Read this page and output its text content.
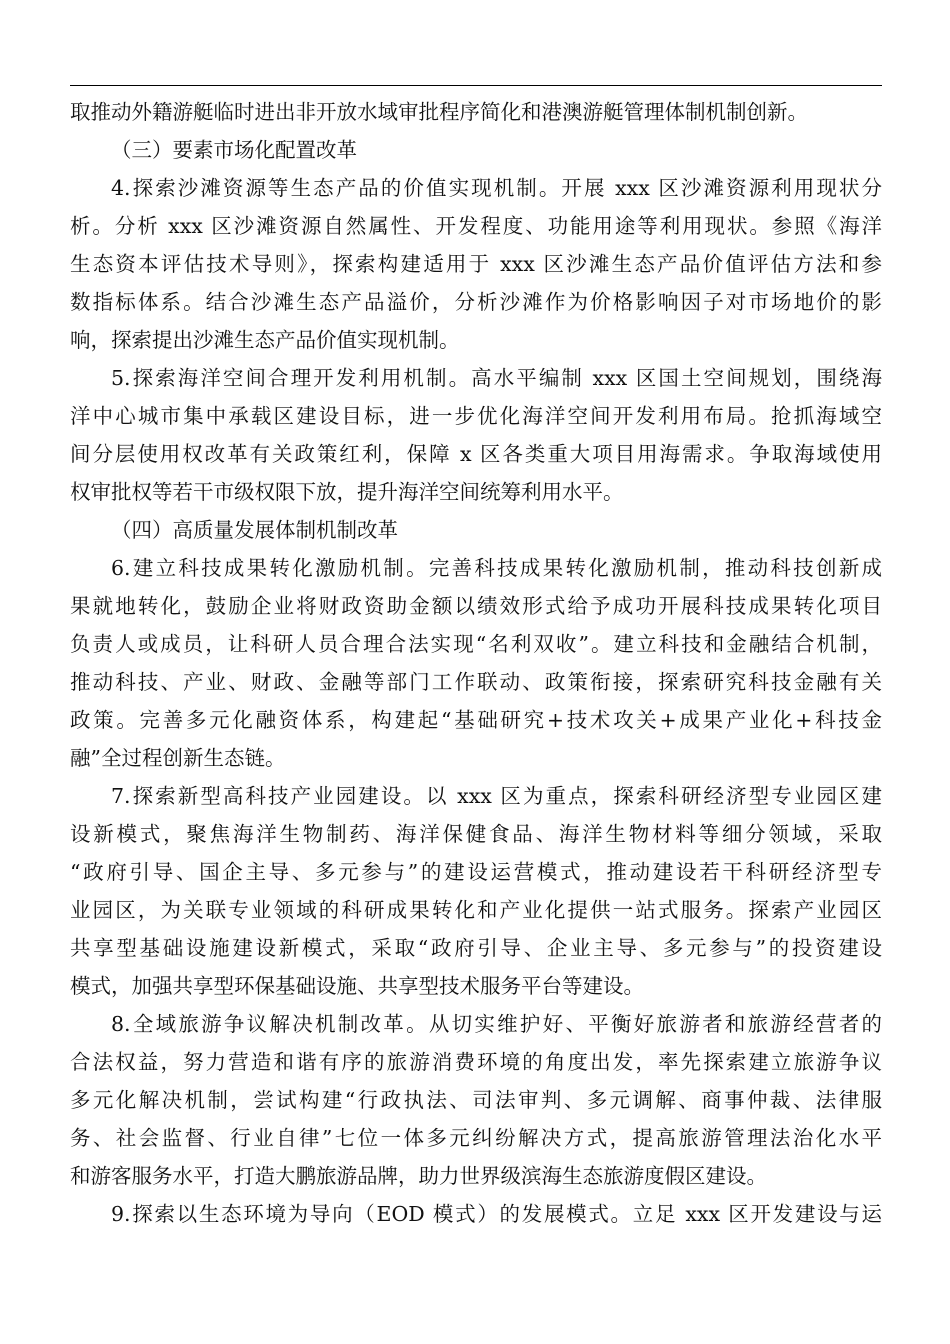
取推动外籍游艇临时进出非开放水域审批程序简化和港澳游艇管理体制机制创新。
（三）要素市场化配置改革
4.探索沙滩资源等生态产品的价值实现机制。开展 xxx 区沙滩资源利用现状分
析。分析 xxx 区沙滩资源自然属性、开发程度、功能用途等利用现状。参照《海洋
生态资本评估技术导则》，探索构建适用于 xxx 区沙滩生态产品价值评估方法和参
数指标体系。结合沙滩生态产品溢价，分析沙滩作为价格影响因子对市场地价的影
响，探索提出沙滩生态产品价值实现机制。
5.探索海洋空间合理开发利用机制。高水平编制 xxx 区国土空间规划，围绕海
洋中心城市集中承载区建设目标，进一步优化海洋空间开发利用布局。抢抓海域空
间分层使用权改革有关政策红利，保障 x 区各类重大项目用海需求。争取海域使用
权审批权等若干市级权限下放，提升海洋空间统筹利用水平。
（四）高质量发展体制机制改革
6.建立科技成果转化激励机制。完善科技成果转化激励机制，推动科技创新成
果就地转化，鼓励企业将财政资助金额以绩效形式给予成功开展科技成果转化项目
负责人或成员，让科研人员合理合法实现“名利双收”。建立科技和金融结合机制，
推动科技、产业、财政、金融等部门工作联动、政策衔接，探索研究科技金融有关
政策。完善多元化融资体系，构建起“基础研究+技术攻关+成果产业化+科技金
融”全过程创新生态链。
7.探索新型高科技产业园建设。以 xxx 区为重点，探索科研经济型专业园区建
设新模式，聚焦海洋生物制药、海洋保健食品、海洋生物材料等细分领域，采取
“政府引导、国企主导、多元参与”的建设运营模式，推动建设若干科研经济型专
业园区，为关联专业领域的科研成果转化和产业化提供一站式服务。探索产业园区
共享型基础设施建设新模式，采取“政府引导、企业主导、多元参与”的投资建设
模式，加强共享型环保基础设施、共享型技术服务平台等建设。
8.全域旅游争议解决机制改革。从切实维护好、平衡好旅游者和旅游经营者的
合法权益，努力营造和谐有序的旅游消费环境的角度出发，率先探索建立旅游争议
多元化解决机制，尝试构建“行政执法、司法审判、多元调解、商事仲裁、法律服
务、社会监督、行业自律”七位一体多元纠纷解决方式，提高旅游管理法治化水平
和游客服务水平，打造大鹏旅游品牌，助力世界级滨海生态旅游度假区建设。
9.探索以生态环境为导向（EOD 模式）的发展模式。立足 xxx 区开发建设与运
